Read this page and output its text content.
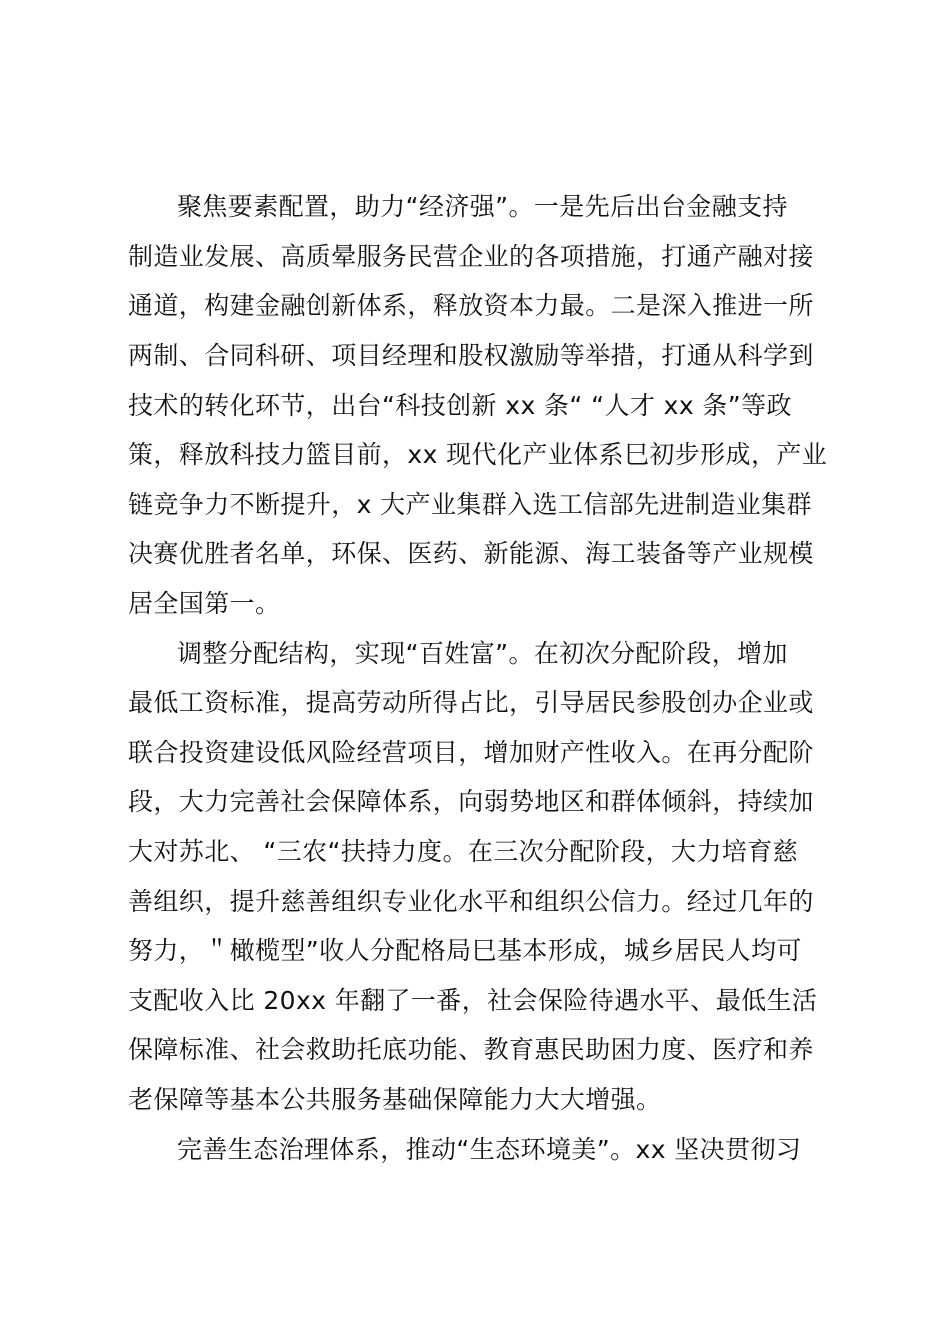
聚焦要素配置，助力“经济强”。一是先后出台金融支持
制造业发展、高质晕服务民营企业的各项措施，打通产融对接
通道，构建金融创新体系，释放资本力最。二是深入推进一所
两制、合同科研、项目经理和股权激励等举措，打通从科学到
技术的转化环节，出台“科技创新 xx 条“ “人才 xx 条”等政
策，释放科技力篮目前，xx 现代化产业体系巳初步形成，产业
链竞争力不断提升，x 大产业集群入选工信部先进制造业集群
决赛优胜者名单，环保、医药、新能源、海工装备等产业规模
居全国第一。
调整分配结构，实现“百姓富”。在初次分配阶段，增加
最低工资标准，提高劳动所得占比，引导居民参股创办企业或
联合投资建设低风险经营项目，增加财产性收入。在再分配阶
段，大力完善社会保障体系，向弱势地区和群体倾斜，持续加
大对苏北、 “三农“扶持力度。在三次分配阶段，大力培育慈
善组织，提升慈善组织专业化水平和组织公信力。经过几年的
努力，＂橄榄型”收人分配格局巳基本形成，城乡居民人均可
支配收入比 20xx 年翻了一番，社会保险待遇水平、最低生活
保障标准、社会救助托底功能、教育惠民助困力度、医疗和养
老保障等基本公共服务基础保障能力大大增强。
完善生态治理体系，推动“生态环境美”。xx 坚决贯彻习
